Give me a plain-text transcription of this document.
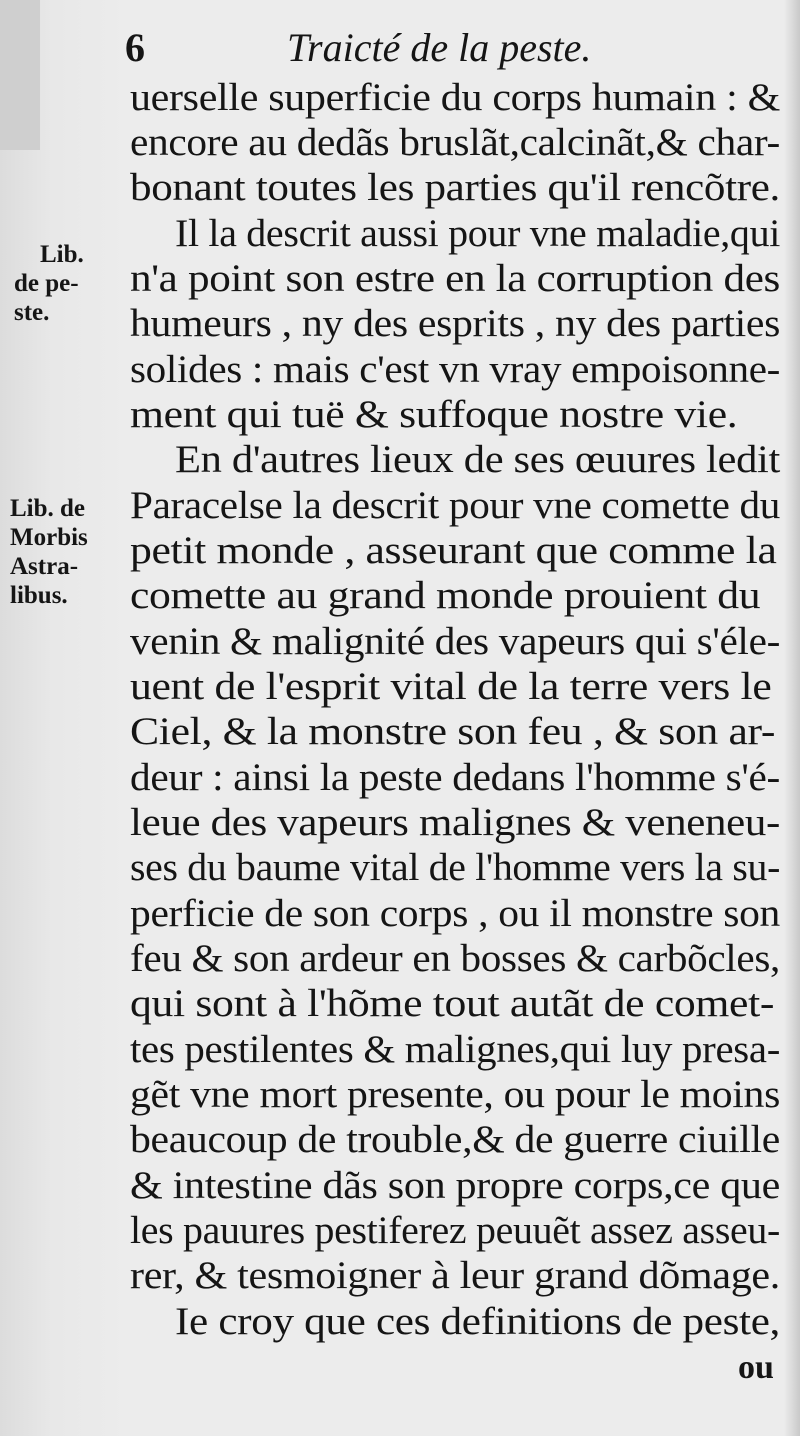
6	Traicté de la peste.
Lib.
de pe-
ste.
Lib. de
Morbis
Astra-
libus.
uerselle superficie du corps humain : &
encore au dedãs bruslãt,calcinãt,& char-
bonant toutes les parties qu'il rencõtre.
Il la descrit aussi pour vne maladie,qui
n'a point son estre en la corruption des
humeurs , ny des esprits , ny des parties
solides : mais c'est vn vray empoisonne-
ment qui tuë & suffoque nostre vie.
En d'autres lieux de ses œuures ledit
Paracelse la descrit pour vne comette du
petit monde , asseurant que comme la
comette au grand monde prouient du
venin & malignité des vapeurs qui s'éle-
uent de l'esprit vital de la terre vers le
Ciel, & la monstre son feu , & son ar-
deur : ainsi la peste dedans l'homme s'é-
leue des vapeurs malignes & veneneu-
ses du baume vital de l'homme vers la su-
perficie de son corps , ou il monstre son
feu & son ardeur en bosses & carbõcles,
qui sont à l'hõme tout autãt de comet-
tes pestilentes & malignes,qui luy presa-
gẽt vne mort presente, ou pour le moins
beaucoup de trouble,& de guerre ciuille
& intestine dãs son propre corps,ce que
les pauures pestiferez peuuẽt assez asseu-
rer, & tesmoigner à leur grand dõmage.
Ie croy que ces definitions de peste,
ou
